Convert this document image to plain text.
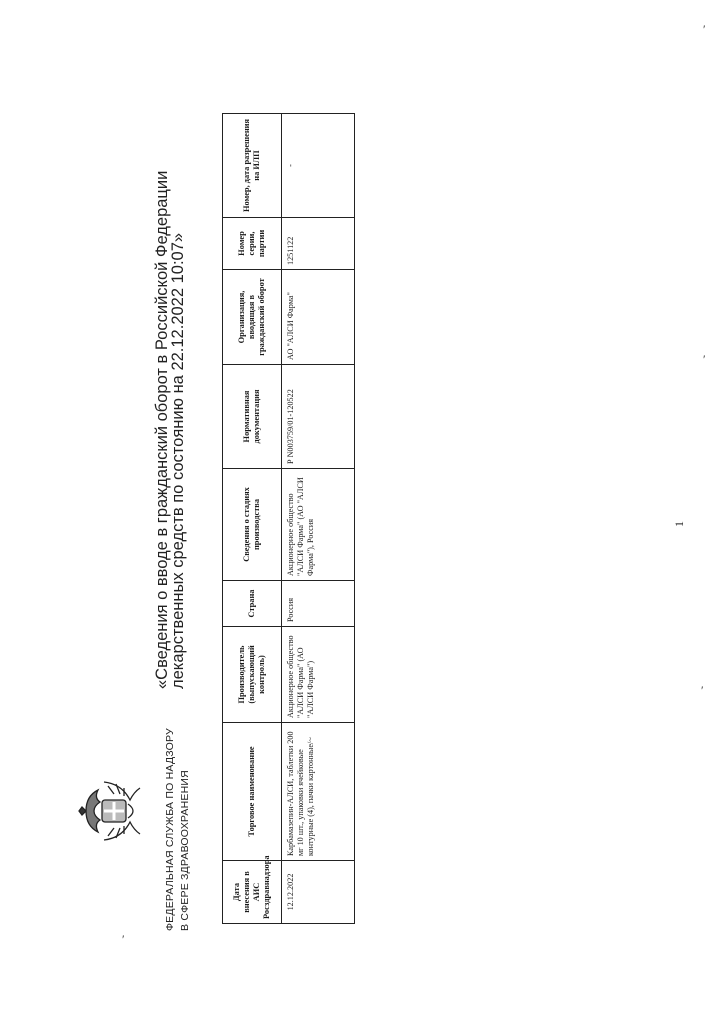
′
′
′
′
ФЕДЕРАЛЬНАЯ СЛУЖБА ПО НАДЗОРУ В СФЕРЕ ЗДРАВООХРАНЕНИЯ
«Сведения о вводе в гражданский оборот в Российской Федерации
лекарственных средств по состоянию на 22.12.2022 10:07»
Дата внесения в АИС Росздравнадзора	Торговое наименование	Производитель (выпускающий контроль)	Страна	Сведения о стадиях производства	Нормативная документация	Организация, вводящая в гражданский оборот	Номер серии, партии	Номер, дата разрешения на ИЛП
12.12.2022	Карбамазепин-АЛСИ, таблетки 200 мг 10 шт., упаковки ячейковые контурные (4), пачки картонные/~	Акционерное общество "АЛСИ Фарма" (АО "АЛСИ Фарма")	Россия	Акционерное общество "АЛСИ Фарма" (АО "АЛСИ Фарма"), Россия	Р N003759/01-120522	АО "АЛСИ Фарма"	1251122	-
1
